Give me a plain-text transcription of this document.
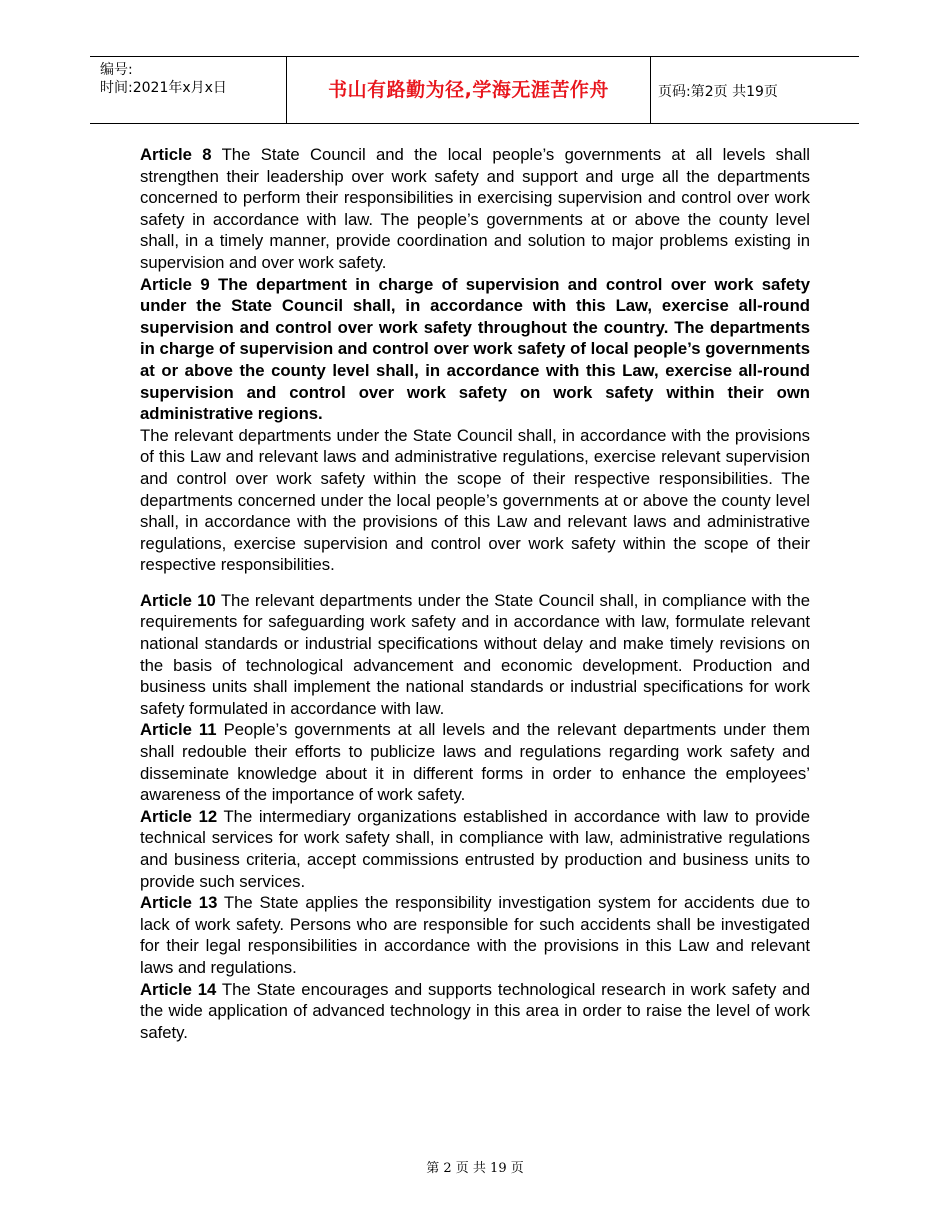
编号:
时间:2021年x月x日	书山有路勤为径,学海无涯苦作舟	页码:第2页 共19页

Article 8 The State Council and the local people’s governments at all levels shall strengthen their leadership over work safety and support and urge all the departments concerned to perform their responsibilities in exercising supervision and control over work safety in accordance with law. The people’s governments at or above the county level shall, in a timely manner, provide coordination and solution to major problems existing in supervision and over work safety.

Article 9 The department in charge of supervision and control over work safety under the State Council shall, in accordance with this Law, exercise all-round supervision and control over work safety throughout the country. The departments in charge of supervision and control over work safety of local people’s governments at or above the county level shall, in accordance with this Law, exercise all-round supervision and control over work safety on work safety within their own administrative regions.

The relevant departments under the State Council shall, in accordance with the provisions of this Law and relevant laws and administrative regulations, exercise relevant supervision and control over work safety within the scope of their respective responsibilities. The departments concerned under the local people’s governments at or above the county level shall, in accordance with the provisions of this Law and relevant laws and administrative regulations, exercise supervision and control over work safety within the scope of their respective responsibilities.

Article 10 The relevant departments under the State Council shall, in compliance with the requirements for safeguarding work safety and in accordance with law, formulate relevant national standards or industrial specifications without delay and make timely revisions on the basis of technological advancement and economic development. Production and business units shall implement the national standards or industrial specifications for work safety formulated in accordance with law.

Article 11 People’s governments at all levels and the relevant departments under them shall redouble their efforts to publicize laws and regulations regarding work safety and disseminate knowledge about it in different forms in order to enhance the employees’ awareness of the importance of work safety.

Article 12 The intermediary organizations established in accordance with law to provide technical services for work safety shall, in compliance with law, administrative regulations and business criteria, accept commissions entrusted by production and business units to provide such services.

Article 13 The State applies the responsibility investigation system for accidents due to lack of work safety. Persons who are responsible for such accidents shall be investigated for their legal responsibilities in accordance with the provisions in this Law and relevant laws and regulations.

Article 14 The State encourages and supports technological research in work safety and the wide application of advanced technology in this area in order to raise the level of work safety.

第 2 页 共 19 页
